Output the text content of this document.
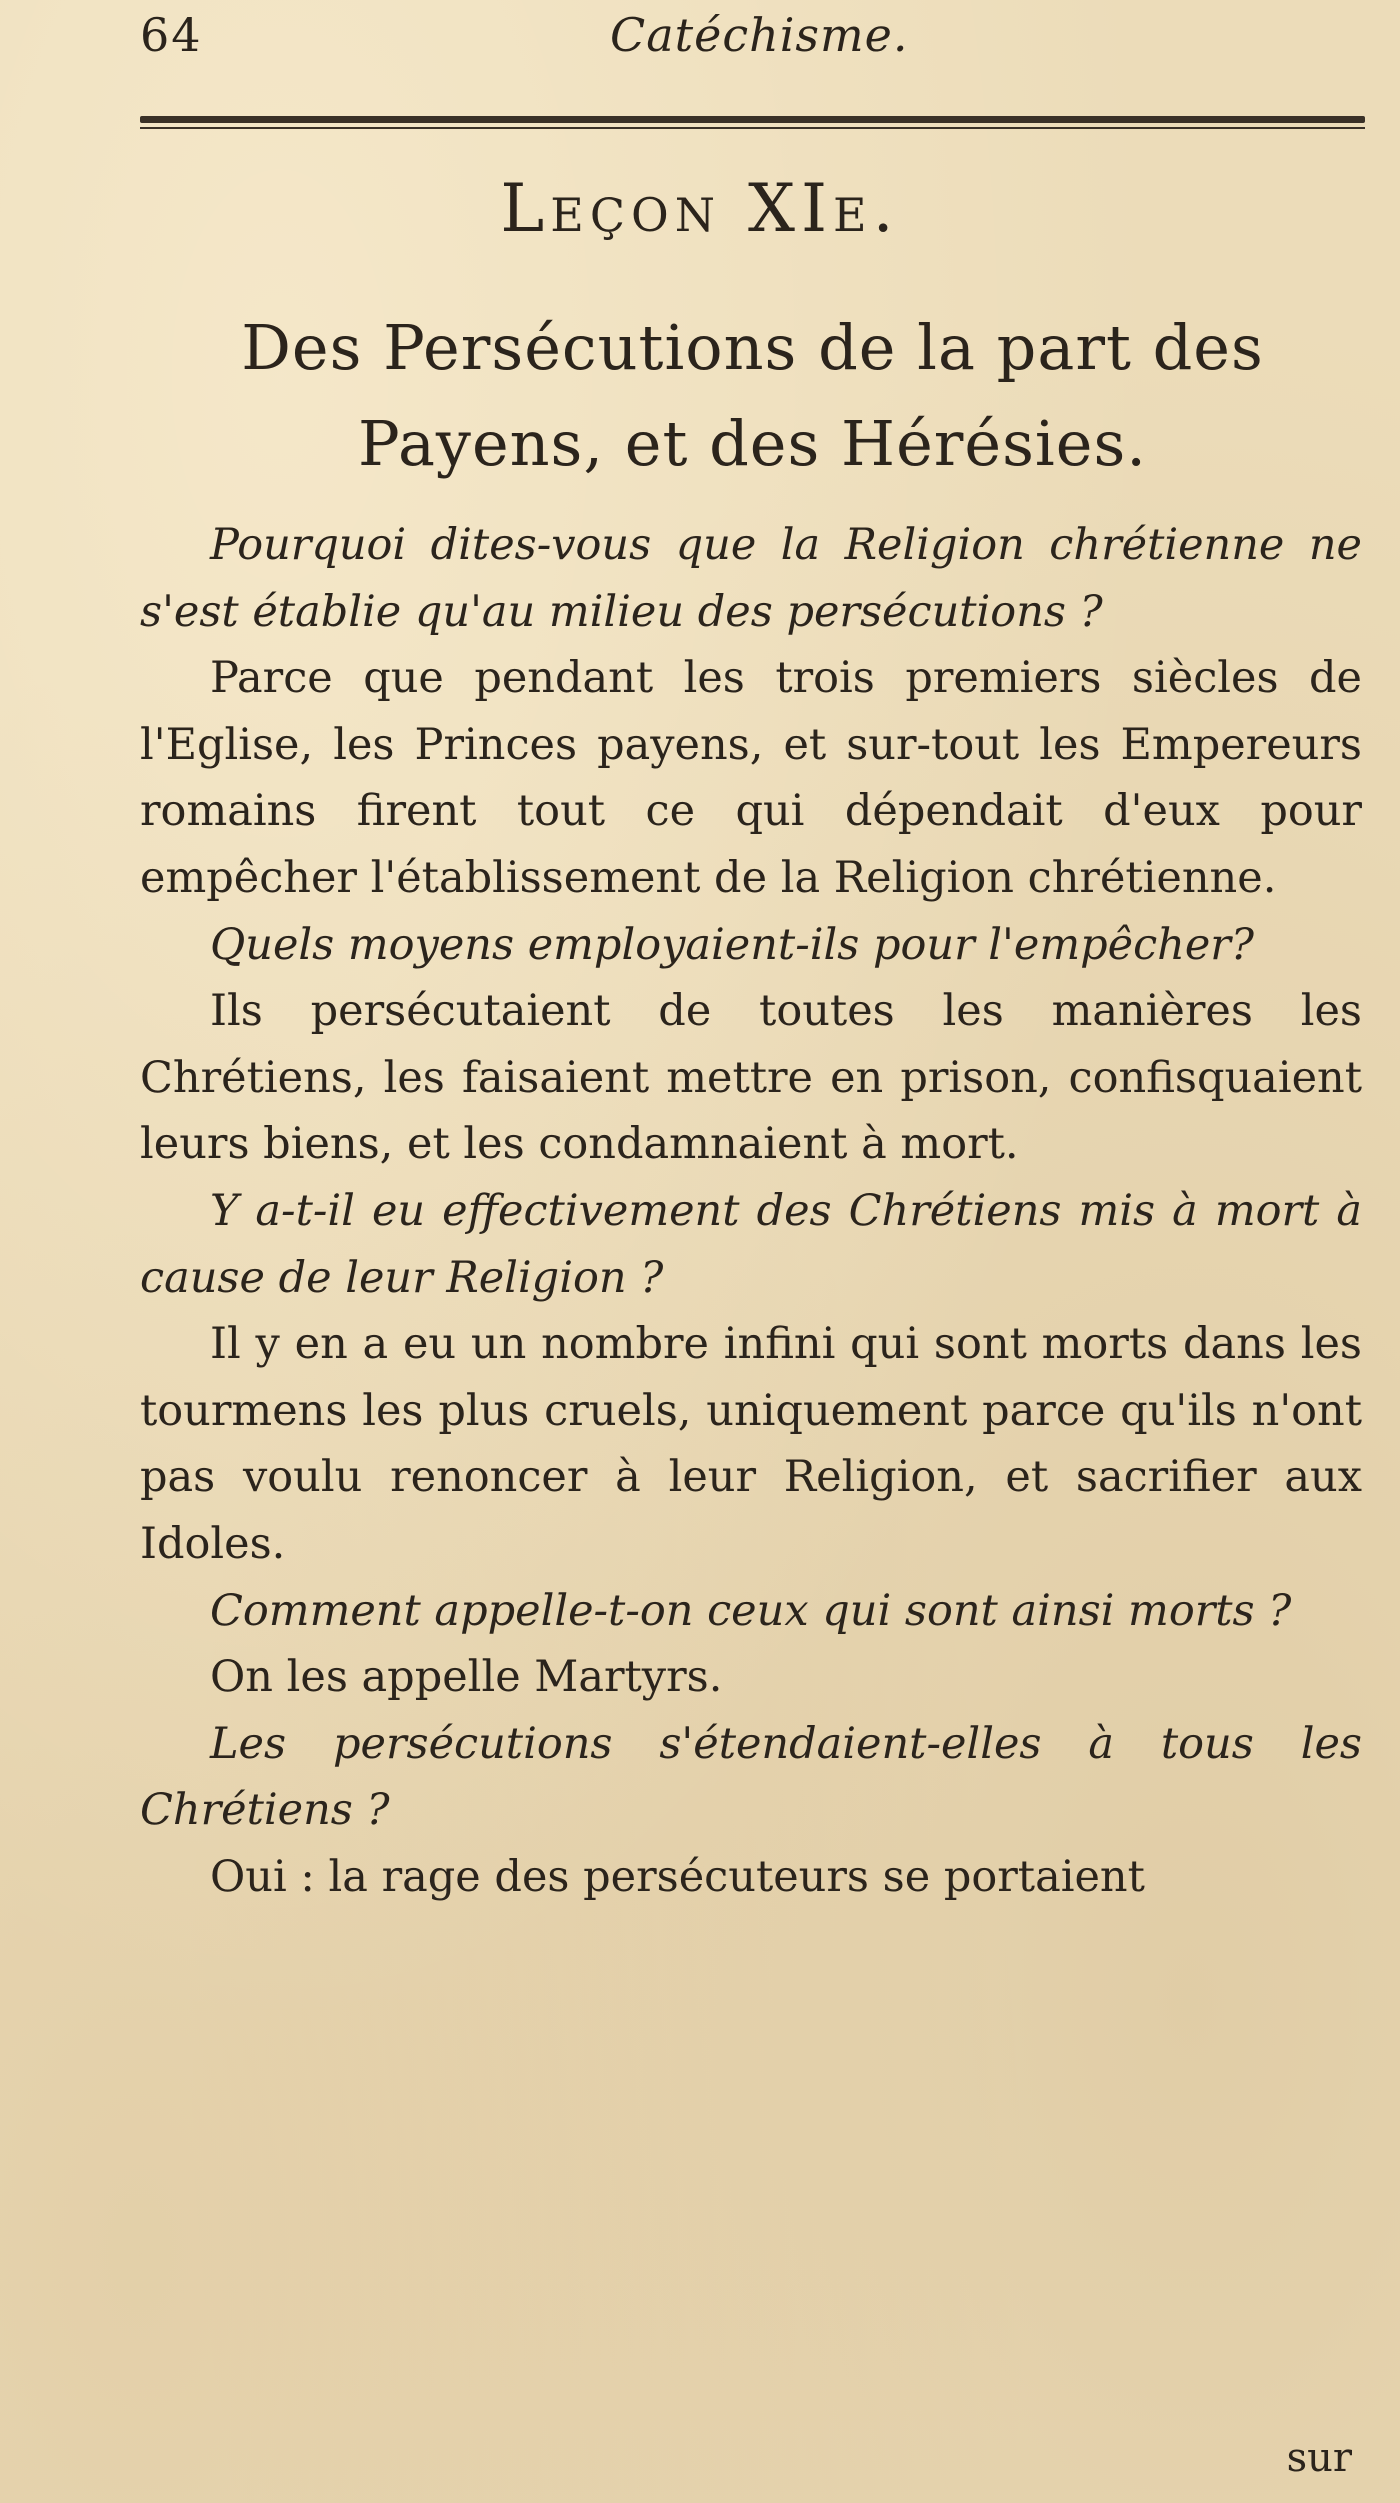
64	Catéchisme.
Leçon XIe.
Des Persécutions de la part des Payens, et des Hérésies.

Pourquoi dites-vous que la Religion chrétienne ne s'est établie qu'au milieu des persécutions ?

Parce que pendant les trois premiers siècles de l'Eglise, les Princes payens, et sur-tout les Empereurs romains firent tout ce qui dépendait d'eux pour empêcher l'établissement de la Religion chrétienne.

Quels moyens employaient-ils pour l'empêcher?

Ils persécutaient de toutes les manières les Chrétiens, les faisaient mettre en prison, confisquaient leurs biens, et les condamnaient à mort.

Y a-t-il eu effectivement des Chrétiens mis à mort à cause de leur Religion ?

Il y en a eu un nombre infini qui sont morts dans les tourmens les plus cruels, uniquement parce qu'ils n'ont pas voulu renoncer à leur Religion, et sacrifier aux Idoles.

Comment appelle-t-on ceux qui sont ainsi morts ?

On les appelle Martyrs.

Les persécutions s'étendaient-elles à tous les Chrétiens ?

Oui : la rage des persécuteurs se portaient

sur
